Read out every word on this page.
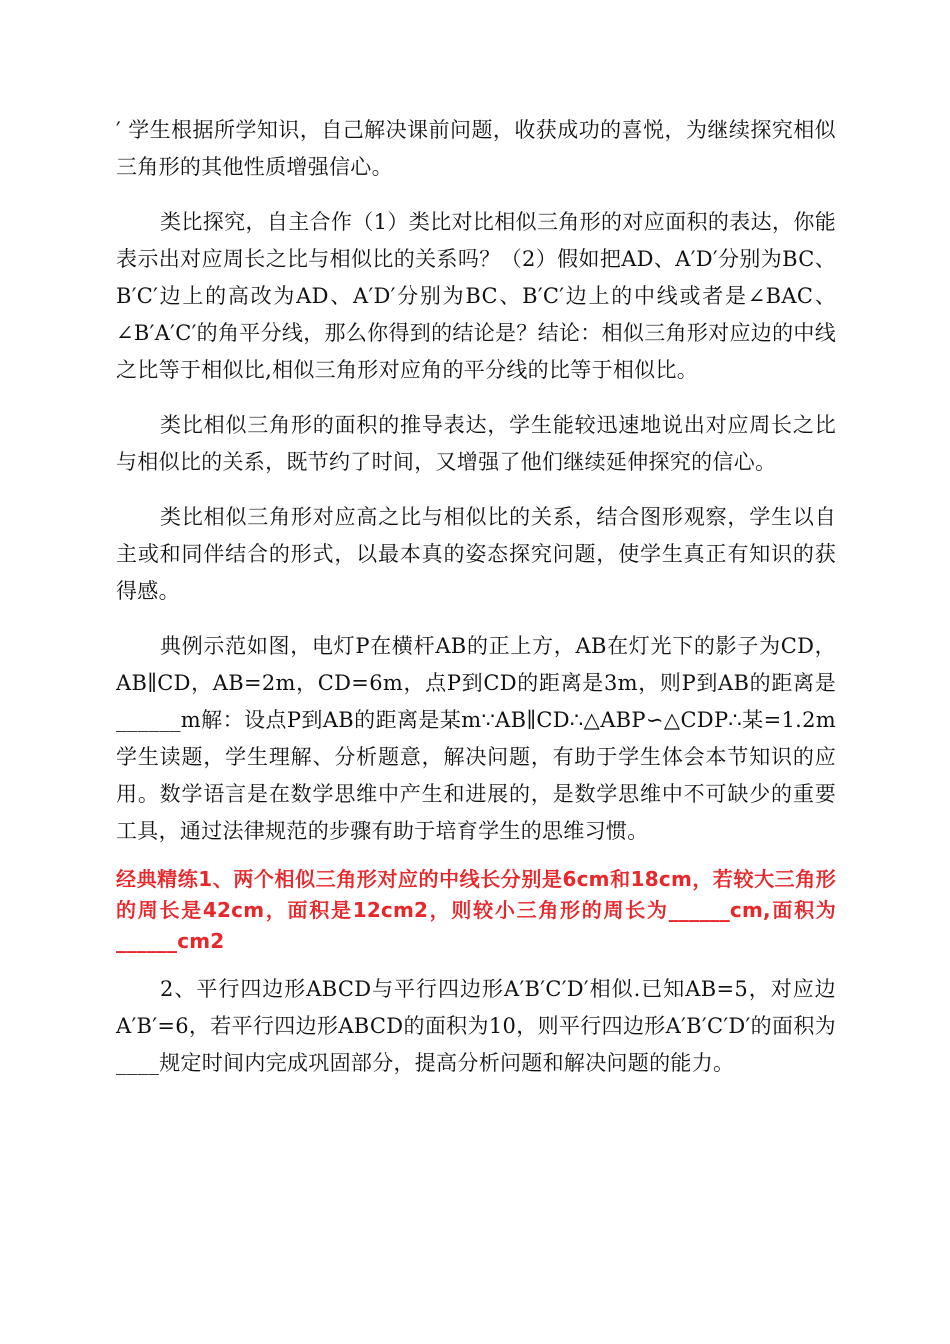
′ 学生根据所学知识，自己解决课前问题，收获成功的喜悦，为继续探究相似三角形的其他性质增强信心。

类比探究，自主合作（1）类比对比相似三角形的对应面积的表达，你能表示出对应周长之比与相似比的关系吗？（2）假如把AD、A′D′分别为BC、B′C′边上的高改为AD、A′D′分别为BC、B′C′边上的中线或者是∠BAC、∠B′A′C′的角平分线，那么你得到的结论是？结论：相似三角形对应边的中线之比等于相似比,相似三角形对应角的平分线的比等于相似比。

类比相似三角形的面积的推导表达，学生能较迅速地说出对应周长之比与相似比的关系，既节约了时间，又增强了他们继续延伸探究的信心。

类比相似三角形对应高之比与相似比的关系，结合图形观察，学生以自主或和同伴结合的形式，以最本真的姿态探究问题，使学生真正有知识的获得感。

典例示范如图，电灯P在横杆AB的正上方，AB在灯光下的影子为CD，AB∥CD，AB=2m，CD=6m，点P到CD的距离是3m，则P到AB的距离是______m解：设点P到AB的距离是某m∵AB∥CD∴△ABP∽△CDP∴某=1.2m学生读题，学生理解、分析题意，解决问题，有助于学生体会本节知识的应用。数学语言是在数学思维中产生和进展的，是数学思维中不可缺少的重要工具，通过法律规范的步骤有助于培育学生的思维习惯。

经典精练1、两个相似三角形对应的中线长分别是6cm和18cm，若较大三角形的周长是42cm，面积是12cm2，则较小三角形的周长为______cm,面积为______cm2

2、平行四边形ABCD与平行四边形A′B′C′D′相似.已知AB=5，对应边A′B′=6，若平行四边形ABCD的面积为10，则平行四边形A′B′C′D′的面积为____规定时间内完成巩固部分，提高分析问题和解决问题的能力。
